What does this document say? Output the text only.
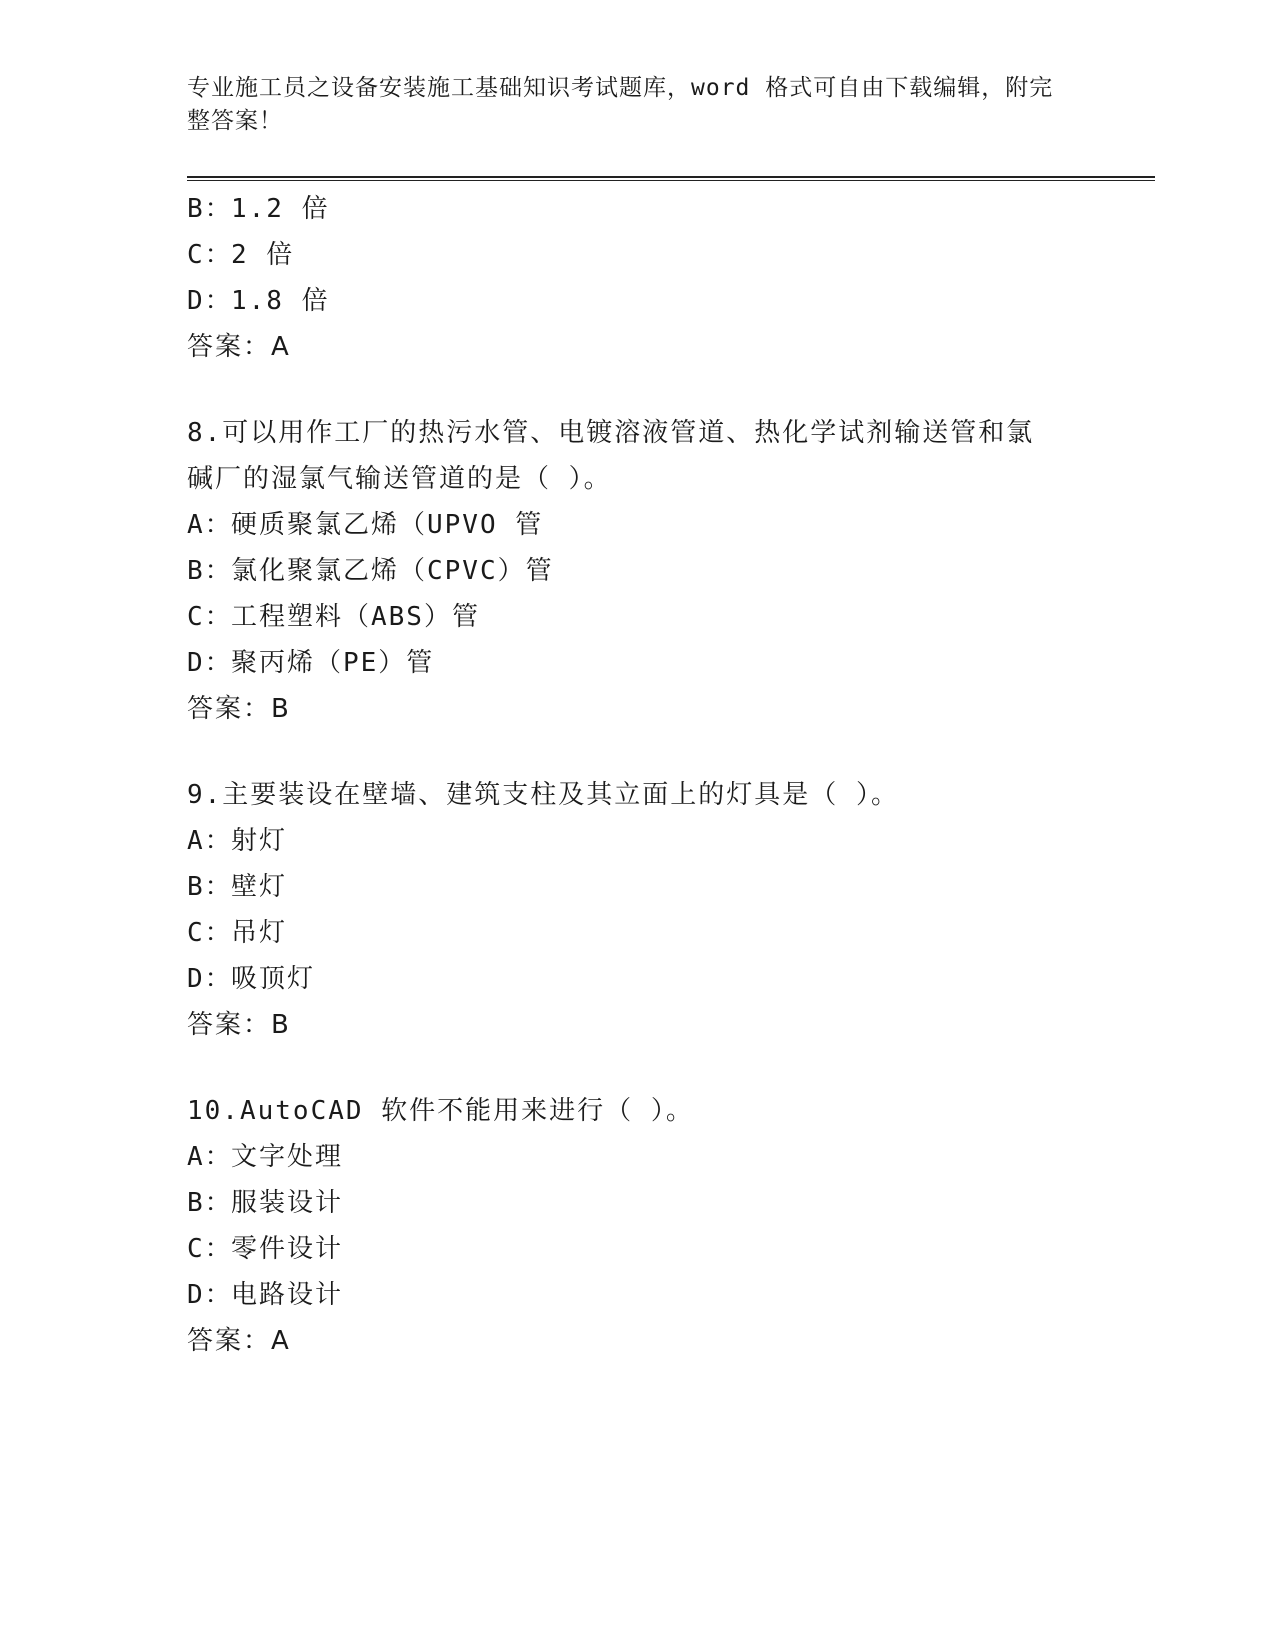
专业施工员之设备安装施工基础知识考试题库，word 格式可自由下载编辑，附完
整答案！
B：1.2 倍
C：2 倍
D：1.8 倍
答案：A
8.可以用作工厂的热污水管、电镀溶液管道、热化学试剂输送管和氯
碱厂的湿氯气输送管道的是（ ）。
A：硬质聚氯乙烯（UPVO 管
B：氯化聚氯乙烯（CPVC）管
C：工程塑料（ABS）管
D：聚丙烯（PE）管
答案：B
9.主要装设在壁墙、建筑支柱及其立面上的灯具是（ ）。
A：射灯
B：壁灯
C：吊灯
D：吸顶灯
答案：B
10.AutoCAD 软件不能用来进行（ ）。
A：文字处理
B：服装设计
C：零件设计
D：电路设计
答案：A
